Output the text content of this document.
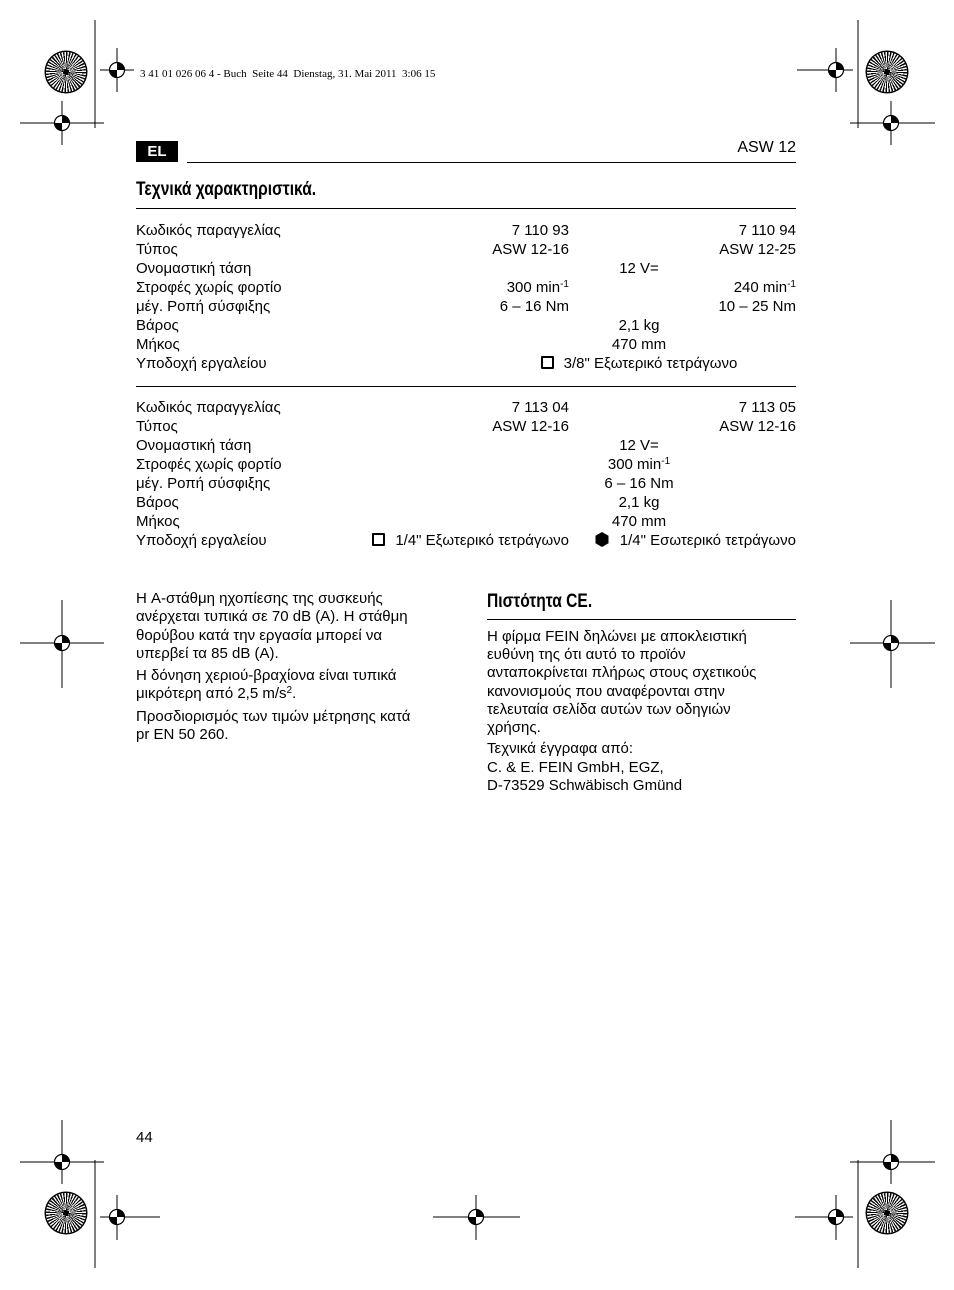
3 41 01 026 06 4 - Buch  Seite 44  Dienstag, 31. Mai 2011  3:06 15
EL	ASW 12
Τεχνικά χαρακτηριστικά.
Κωδικός παραγγελίας	7 110 93	7 110 94
Τύπος	ASW 12-16	ASW 12-25
Ονομαστική τάση	12 V=
Στροφές χωρίς φορτίο	300 $\min^{-1}$	240 $\min^{-1}$
μέγ. Ροπή σύσφιξης	6 – 16 Nm	10 – 25 Nm
Βάρος	2,1 kg
Μήκος	470 mm
Υποδοχή εργαλείου	3/8" Εξωτερικό τετράγωνο
Κωδικός παραγγελίας	7 113 04	7 113 05
Τύπος	ASW 12-16	ASW 12-16
Ονομαστική τάση	12 V=
Στροφές χωρίς φορτίο	300 $\min^{-1}$
μέγ. Ροπή σύσφιξης	6 – 16 Nm
Βάρος	2,1 kg
Μήκος	470 mm
Υποδοχή εργαλείου	1/4" Εξωτερικό τετράγωνο	1/4" Εσωτερικό τετράγωνο

Η A-στάθμη ηχοπίεσης της συσκευής
ανέρχεται τυπικά σε 70 dB (A). Η στάθμη
θορύβου κατά την εργασία μπορεί να
υπερβεί τα 85 dB (A).

Η δόνηση χεριού-βραχίονα είναι τυπικά
μικρότερη από 2,5 $m/s^2$.

Προσδιορισμός των τιμών μέτρησης κατά
pr EN 50 260.

Πιστότητα CE.

Η φίρμα FEIN δηλώνει με αποκλειστική
ευθύνη της ότι αυτό το προϊόν
ανταποκρίνεται πλήρως στους σχετικούς
κανονισμούς που αναφέρονται στην
τελευταία σελίδα αυτών των οδηγιών
χρήσης.

Τεχνικά έγγραφα από:
C. & E. FEIN GmbH, EGZ,
D-73529 Schwäbisch Gmünd

44
